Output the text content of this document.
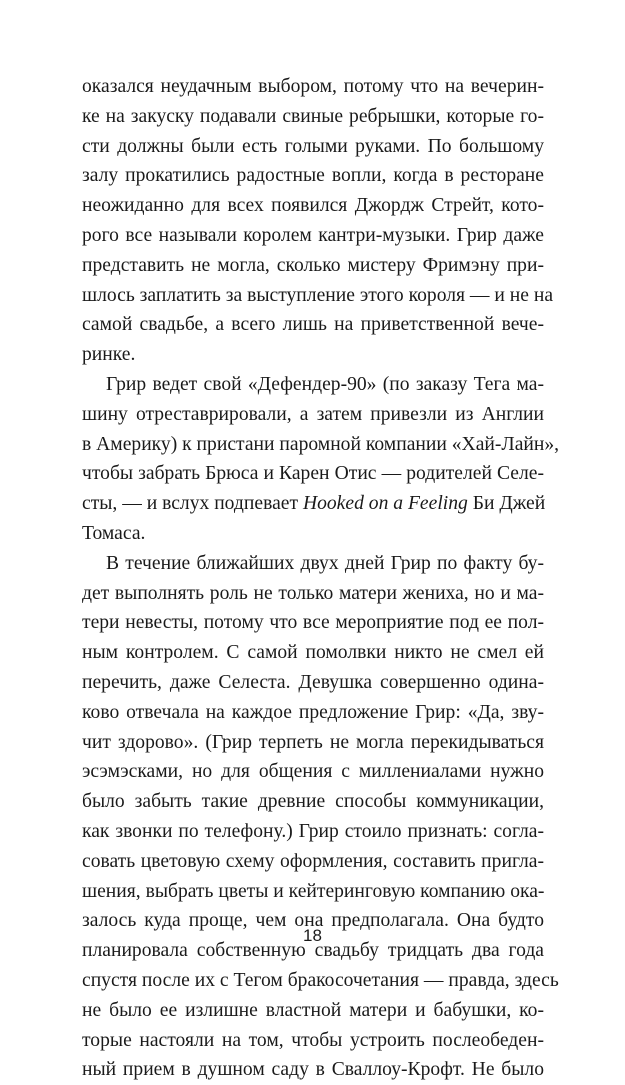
оказался неудачным выбором, потому что на вечерин-
ке на закуску подавали свиные ребрышки, которые го-
сти должны были есть голыми руками. По большому
залу прокатились радостные вопли, когда в ресторане
неожиданно для всех появился Джордж Стрейт, кото-
рого все называли королем кантри-музыки. Грир даже
представить не могла, сколько мистеру Фримэну при-
шлось заплатить за выступление этого короля — и не на
самой свадьбе, а всего лишь на приветственной вече-
ринке.
Грир ведет свой «Дефендер-90» (по заказу Тега ма-
шину отреставрировали, а затем привезли из Англии
в Америку) к пристани паромной компании «Хай-Лайн»,
чтобы забрать Брюса и Карен Отис — родителей Селе-
сты, — и вслух подпевает Hooked on a Feeling Би Джей
Томаса.
В течение ближайших двух дней Грир по факту бу-
дет выполнять роль не только матери жениха, но и ма-
тери невесты, потому что все мероприятие под ее пол-
ным контролем. С самой помолвки никто не смел ей
перечить, даже Селеста. Девушка совершенно одина-
ково отвечала на каждое предложение Грир: «Да, зву-
чит здорово». (Грир терпеть не могла перекидываться
эсэмэсками, но для общения с миллениалами нужно
было забыть такие древние способы коммуникации,
как звонки по телефону.) Грир стоило признать: согла-
совать цветовую схему оформления, составить пригла-
шения, выбрать цветы и кейтеринговую компанию ока-
залось куда проще, чем она предполагала. Она будто
планировала собственную свадьбу тридцать два года
спустя после их с Тегом бракосочетания — правда, здесь
не было ее излишне властной матери и бабушки, ко-
торые настояли на том, чтобы устроить послеобеден-
ный прием в душном саду в Сваллоу-Крофт. Не было
18
